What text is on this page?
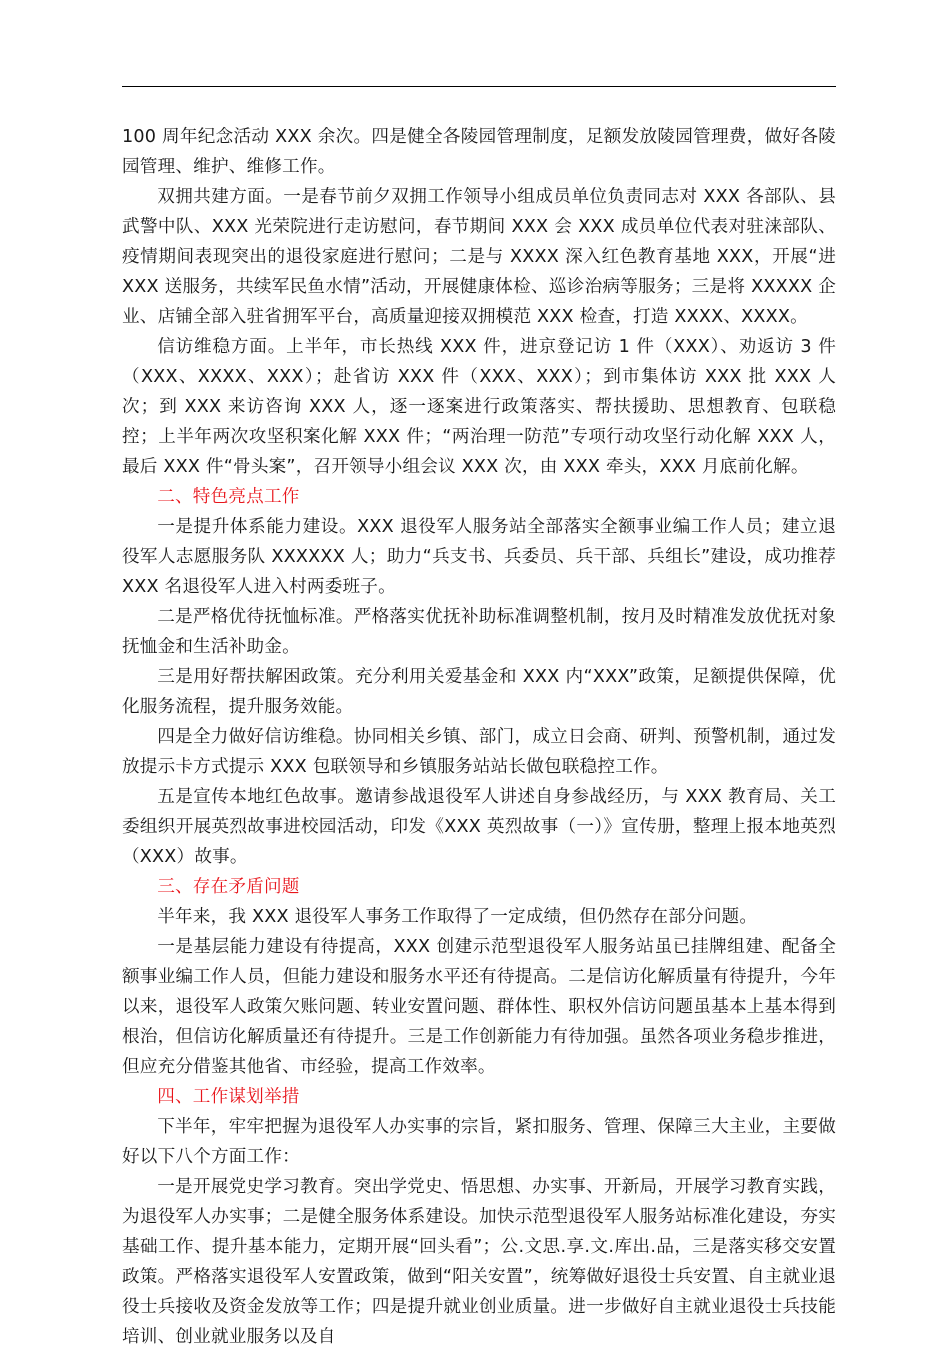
100 周年纪念活动 XXX 余次。四是健全各陵园管理制度，足额发放陵园管理费，做好各陵园管理、维护、维修工作。

双拥共建方面。一是春节前夕双拥工作领导小组成员单位负责同志对 XXX 各部队、县武警中队、XXX 光荣院进行走访慰问，春节期间 XXX 会 XXX 成员单位代表对驻涞部队、疫情期间表现突出的退役家庭进行慰问；二是与 XXXX 深入红色教育基地 XXX，开展“进 XXX 送服务，共续军民鱼水情”活动，开展健康体检、巡诊治病等服务；三是将 XXXXX 企业、店铺全部入驻省拥军平台，高质量迎接双拥模范 XXX 检查，打造 XXXX、XXXX。

信访维稳方面。上半年，市长热线 XXX 件，进京登记访 1 件（XXX）、劝返访 3 件（XXX、XXXX、XXX）；赴省访 XXX 件（XXX、XXX）；到市集体访 XXX 批 XXX 人次；到 XXX 来访咨询 XXX 人，逐一逐案进行政策落实、帮扶援助、思想教育、包联稳控；上半年两次攻坚积案化解 XXX 件；“两治理一防范”专项行动攻坚行动化解 XXX 人，最后 XXX 件“骨头案”，召开领导小组会议 XXX 次，由 XXX 牵头，XXX 月底前化解。

二、特色亮点工作

一是提升体系能力建设。XXX 退役军人服务站全部落实全额事业编工作人员；建立退役军人志愿服务队 XXXXXX 人；助力“兵支书、兵委员、兵干部、兵组长”建设，成功推荐 XXX 名退役军人进入村两委班子。

二是严格优待抚恤标准。严格落实优抚补助标准调整机制，按月及时精准发放优抚对象抚恤金和生活补助金。

三是用好帮扶解困政策。充分利用关爱基金和 XXX 内“XXX”政策，足额提供保障，优化服务流程，提升服务效能。

四是全力做好信访维稳。协同相关乡镇、部门，成立日会商、研判、预警机制，通过发放提示卡方式提示 XXX 包联领导和乡镇服务站站长做包联稳控工作。

五是宣传本地红色故事。邀请参战退役军人讲述自身参战经历，与 XXX 教育局、关工委组织开展英烈故事进校园活动，印发《XXX 英烈故事（一）》宣传册，整理上报本地英烈（XXX）故事。

三、存在矛盾问题

半年来，我 XXX 退役军人事务工作取得了一定成绩，但仍然存在部分问题。

一是基层能力建设有待提高，XXX 创建示范型退役军人服务站虽已挂牌组建、配备全额事业编工作人员，但能力建设和服务水平还有待提高。二是信访化解质量有待提升，今年以来，退役军人政策欠账问题、转业安置问题、群体性、职权外信访问题虽基本上基本得到根治，但信访化解质量还有待提升。三是工作创新能力有待加强。虽然各项业务稳步推进，但应充分借鉴其他省、市经验，提高工作效率。

四、工作谋划举措

下半年，牢牢把握为退役军人办实事的宗旨，紧扣服务、管理、保障三大主业，主要做好以下八个方面工作：

一是开展党史学习教育。突出学党史、悟思想、办实事、开新局，开展学习教育实践，为退役军人办实事；二是健全服务体系建设。加快示范型退役军人服务站标准化建设，夯实基础工作、提升基本能力，定期开展“回头看”；公.文思.享.文.库出.品，三是落实移交安置政策。严格落实退役军人安置政策，做到“阳关安置”，统筹做好退役士兵安置、自主就业退役士兵接收及资金发放等工作；四是提升就业创业质量。进一步做好自主就业退役士兵技能培训、创业就业服务以及自
